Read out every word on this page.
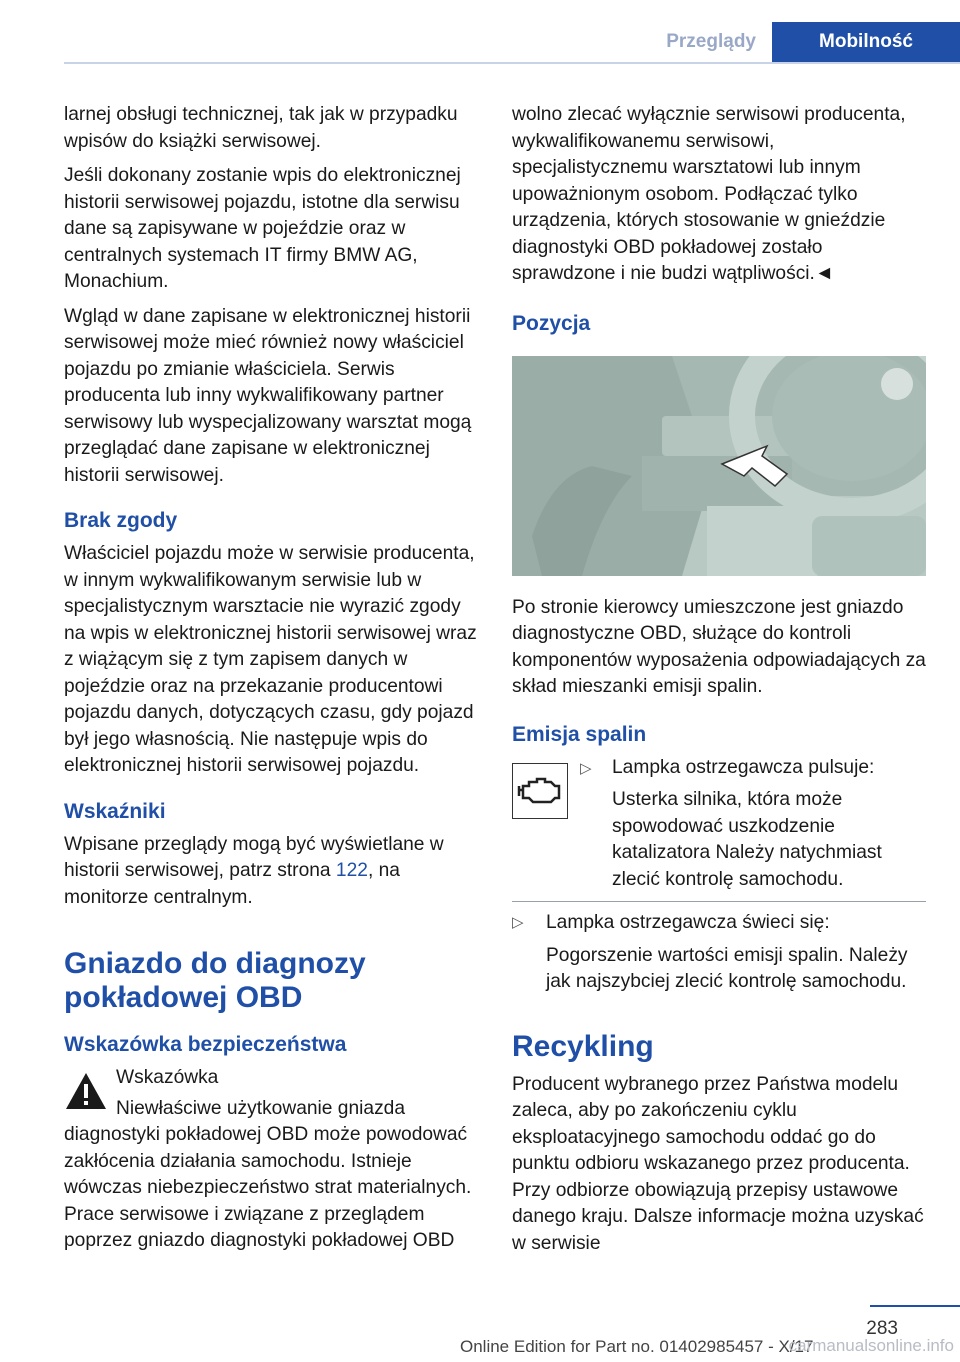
Przeglądy	Mobilność

larnej obsługi technicznej, tak jak w przypadku wpisów do książki serwisowej.

Jeśli dokonany zostanie wpis do elektronicznej historii serwisowej pojazdu, istotne dla serwisu dane są zapisywane w pojeździe oraz w centralnych systemach IT firmy BMW AG, Monachium.

Wgląd w dane zapisane w elektronicznej historii serwisowej może mieć również nowy właściciel pojazdu po zmianie właściciela. Serwis producenta lub inny wykwalifikowany partner serwisowy lub wyspecjalizowany warsztat mogą przeglądać dane zapisane w elektronicznej historii serwisowej.

Brak zgody

Właściciel pojazdu może w serwisie producenta, w innym wykwalifikowanym serwisie lub w specjalistycznym warsztacie nie wyrazić zgody na wpis w elektronicznej historii serwisowej wraz z wiążącym się z tym zapisem danych w pojeździe oraz na przekazanie producentowi pojazdu danych, dotyczących czasu, gdy pojazd był jego własnością. Nie następuje wpis do elektronicznej historii serwisowej pojazdu.

Wskaźniki

Wpisane przeglądy mogą być wyświetlane w historii serwisowej, patrz strona 122, na monitorze centralnym.

Gniazdo do diagnozy pokładowej OBD
Wskazówka bezpieczeństwa
Wskazówka

Niewłaściwe użytkowanie gniazda diagnostyki pokładowej OBD może powodować zakłócenia działania samochodu. Istnieje wówczas niebezpieczeństwo strat materialnych. Prace serwisowe i związane z przeglądem poprzez gniazdo diagnostyki pokładowej OBD

wolno zlecać wyłącznie serwisowi producenta, wykwalifikowanemu serwisowi, specjalistycznemu warsztatowi lub innym upoważnionym osobom. Podłączać tylko urządzenia, których stosowanie w gnieździe diagnostyki OBD pokładowej zostało sprawdzone i nie budzi wątpliwości.◄

Pozycja

Po stronie kierowcy umieszczone jest gniazdo diagnostyczne OBD, służące do kontroli komponentów wyposażenia odpowiadających za skład mieszanki emisji spalin.

Emisja spalin
▷ Lampka ostrzegawcza pulsuje:

Usterka silnika, która może spowodować uszkodzenie katalizatora Należy natychmiast zlecić kontrolę samochodu.

▷ Lampka ostrzegawcza świeci się:

Pogorszenie wartości emisji spalin. Należy jak najszybciej zlecić kontrolę samochodu.

Recykling

Producent wybranego przez Państwa modelu zaleca, aby po zakończeniu cyklu eksploatacyjnego samochodu oddać go do punktu odbioru wskazanego przez producenta. Przy odbiorze obowiązują przepisy ustawowe danego kraju. Dalsze informacje można uzyskać w serwisie

283
Online Edition for Part no. 01402985457 - X/17
carmanualsonline.info
